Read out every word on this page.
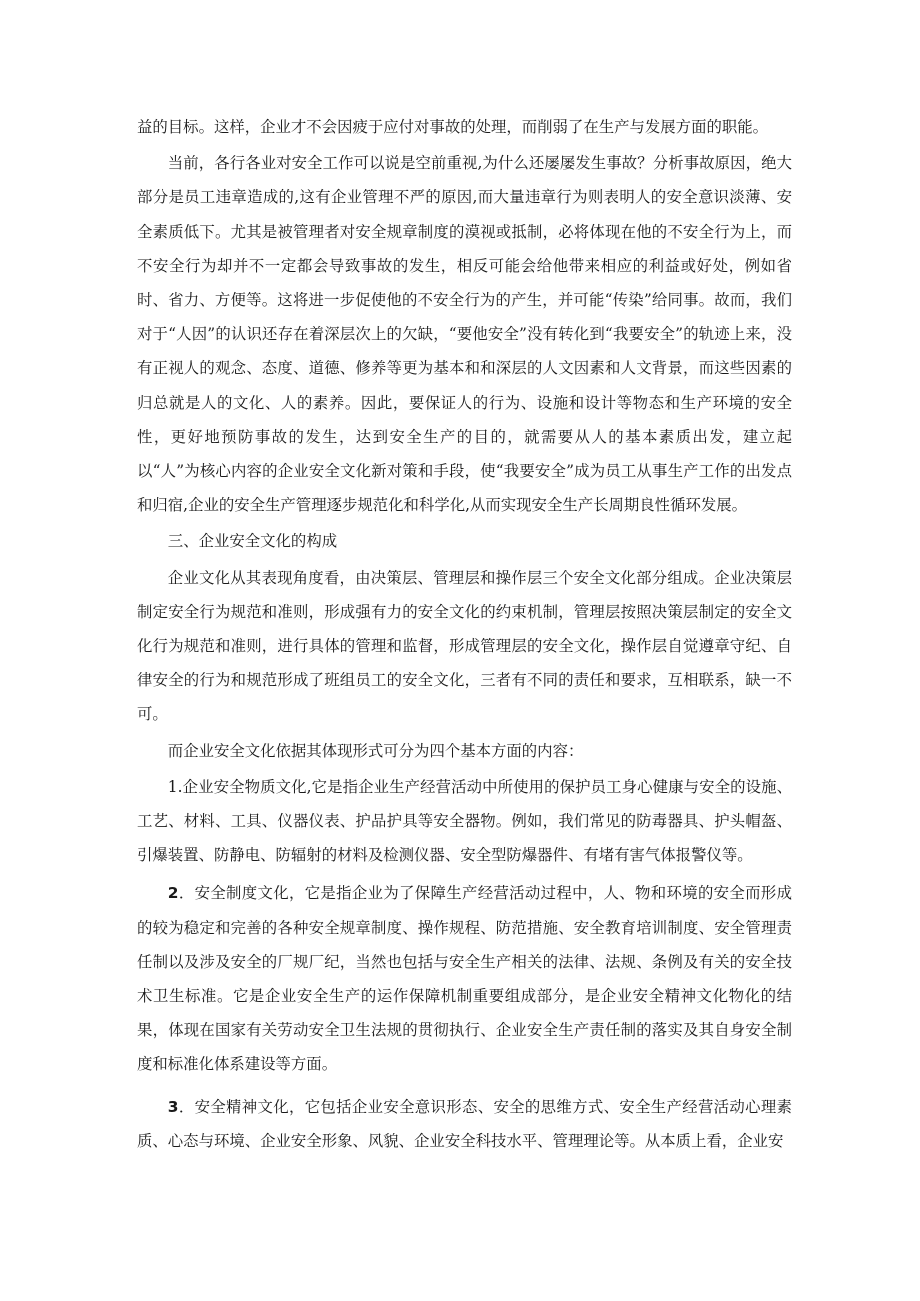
益的目标。这样，企业才不会因疲于应付对事故的处理，而削弱了在生产与发展方面的职能。

当前，各行各业对安全工作可以说是空前重视,为什么还屡屡发生事故？分析事故原因，绝大部分是员工违章造成的,这有企业管理不严的原因,而大量违章行为则表明人的安全意识淡薄、安全素质低下。尤其是被管理者对安全规章制度的漠视或抵制，必将体现在他的不安全行为上，而不安全行为却并不一定都会导致事故的发生，相反可能会给他带来相应的利益或好处，例如省时、省力、方便等。这将进一步促使他的不安全行为的产生，并可能“传染”给同事。故而，我们对于“人因”的认识还存在着深层次上的欠缺，“要他安全”没有转化到“我要安全”的轨迹上来，没有正视人的观念、态度、道德、修养等更为基本和和深层的人文因素和人文背景，而这些因素的归总就是人的文化、人的素养。因此，要保证人的行为、设施和设计等物态和生产环境的安全性，更好地预防事故的发生，达到安全生产的目的，就需要从人的基本素质出发，建立起以“人”为核心内容的企业安全文化新对策和手段，使“我要安全”成为员工从事生产工作的出发点和归宿,企业的安全生产管理逐步规范化和科学化,从而实现安全生产长周期良性循环发展。

三、企业安全文化的构成

企业文化从其表现角度看，由决策层、管理层和操作层三个安全文化部分组成。企业决策层制定安全行为规范和准则，形成强有力的安全文化的约束机制，管理层按照决策层制定的安全文化行为规范和准则，进行具体的管理和监督，形成管理层的安全文化，操作层自觉遵章守纪、自律安全的行为和规范形成了班组员工的安全文化，三者有不同的责任和要求，互相联系，缺一不可。

而企业安全文化依据其体现形式可分为四个基本方面的内容：

1.企业安全物质文化,它是指企业生产经营活动中所使用的保护员工身心健康与安全的设施、工艺、材料、工具、仪器仪表、护品护具等安全器物。例如，我们常见的防毒器具、护头帽盔、引爆装置、防静电、防辐射的材料及检测仪器、安全型防爆器件、有堵有害气体报警仪等。

2．安全制度文化，它是指企业为了保障生产经营活动过程中，人、物和环境的安全而形成的较为稳定和完善的各种安全规章制度、操作规程、防范措施、安全教育培训制度、安全管理责任制以及涉及安全的厂规厂纪，当然也包括与安全生产相关的法律、法规、条例及有关的安全技术卫生标准。它是企业安全生产的运作保障机制重要组成部分，是企业安全精神文化物化的结果，体现在国家有关劳动安全卫生法规的贯彻执行、企业安全生产责任制的落实及其自身安全制度和标准化体系建设等方面。

3．安全精神文化，它包括企业安全意识形态、安全的思维方式、安全生产经营活动心理素质、心态与环境、企业安全形象、风貌、企业安全科技水平、管理理论等。从本质上看，企业安
